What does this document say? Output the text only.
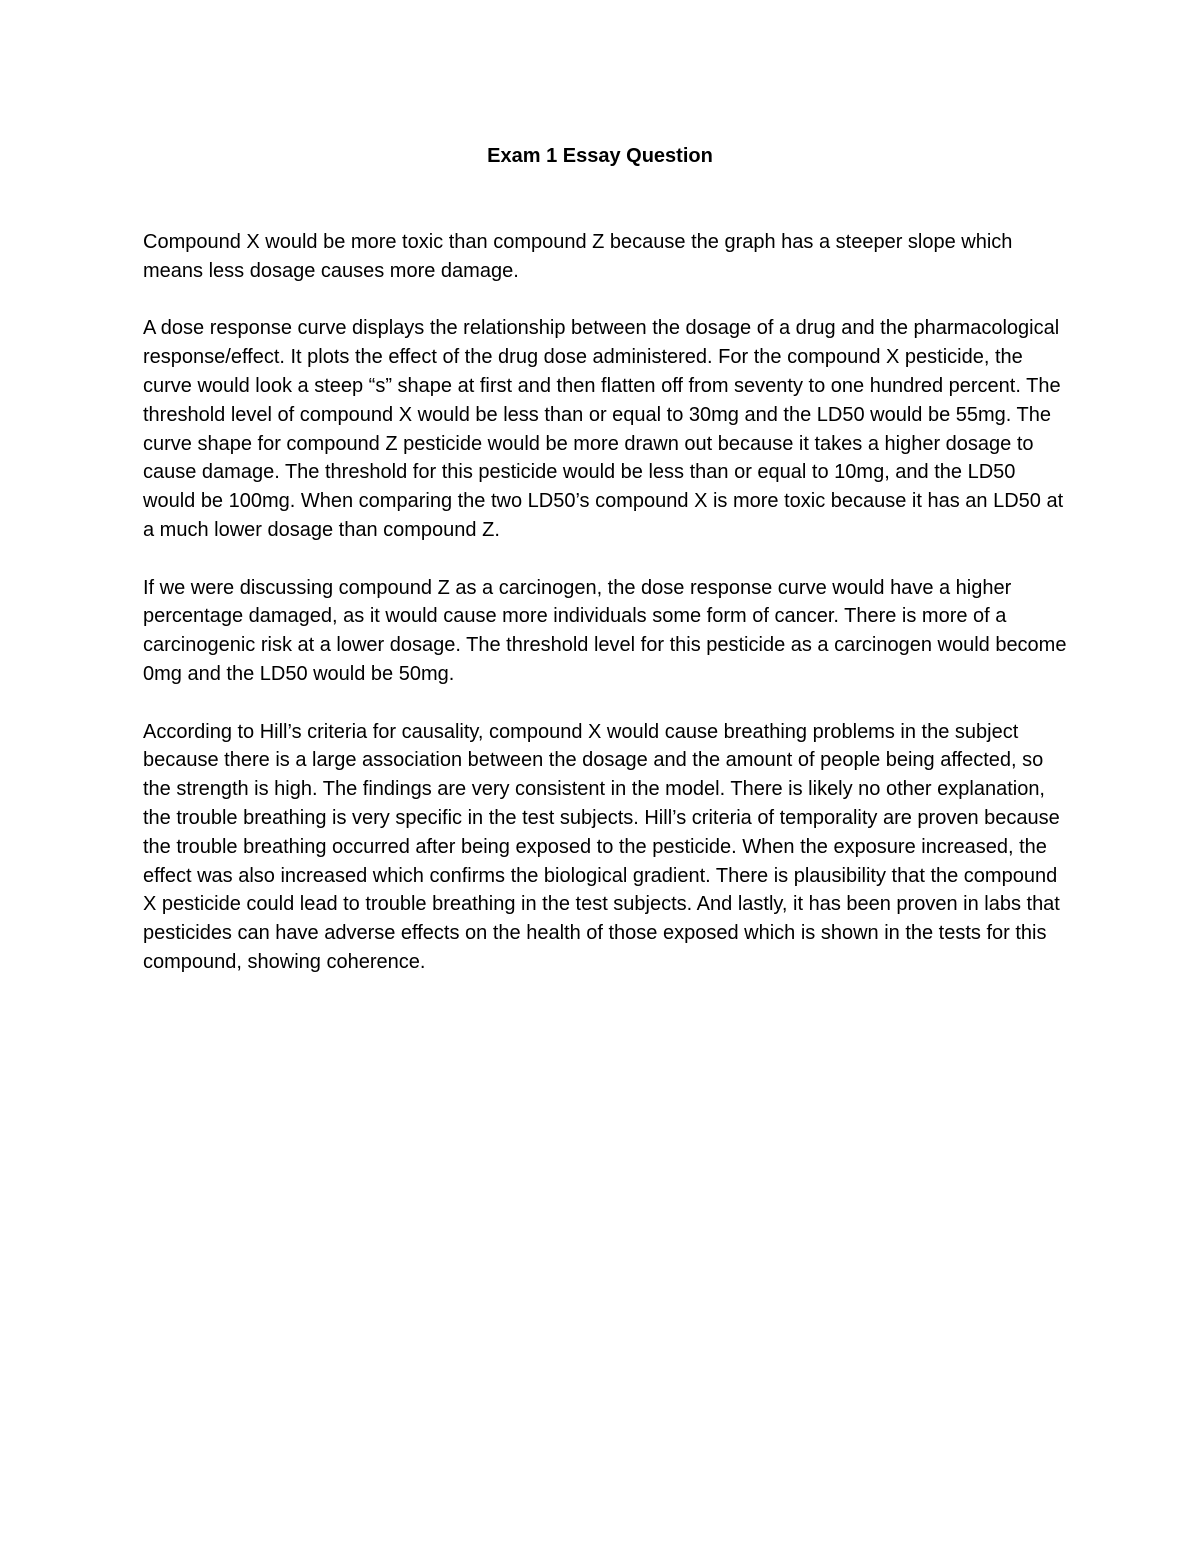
Exam 1 Essay Question

Compound X would be more toxic than compound Z because the graph has a steeper slope which means less dosage causes more damage.

A dose response curve displays the relationship between the dosage of a drug and the pharmacological response/effect. It plots the effect of the drug dose administered. For the compound X pesticide, the curve would look a steep “s” shape at first and then flatten off from seventy to one hundred percent. The threshold level of compound X would be less than or equal to 30mg and the LD50 would be 55mg. The curve shape for compound Z pesticide would be more drawn out because it takes a higher dosage to cause damage. The threshold for this pesticide would be less than or equal to 10mg, and the LD50 would be 100mg. When comparing the two LD50’s compound X is more toxic because it has an LD50 at a much lower dosage than compound Z.

If we were discussing compound Z as a carcinogen, the dose response curve would have a higher percentage damaged, as it would cause more individuals some form of cancer. There is more of a carcinogenic risk at a lower dosage. The threshold level for this pesticide as a carcinogen would become 0mg and the LD50 would be 50mg.

According to Hill’s criteria for causality, compound X would cause breathing problems in the subject because there is a large association between the dosage and the amount of people being affected, so the strength is high. The findings are very consistent in the model. There is likely no other explanation, the trouble breathing is very specific in the test subjects. Hill’s criteria of temporality are proven because the trouble breathing occurred after being exposed to the pesticide. When the exposure increased, the effect was also increased which confirms the biological gradient. There is plausibility that the compound X pesticide could lead to trouble breathing in the test subjects. And lastly, it has been proven in labs that pesticides can have adverse effects on the health of those exposed which is shown in the tests for this compound, showing coherence.
